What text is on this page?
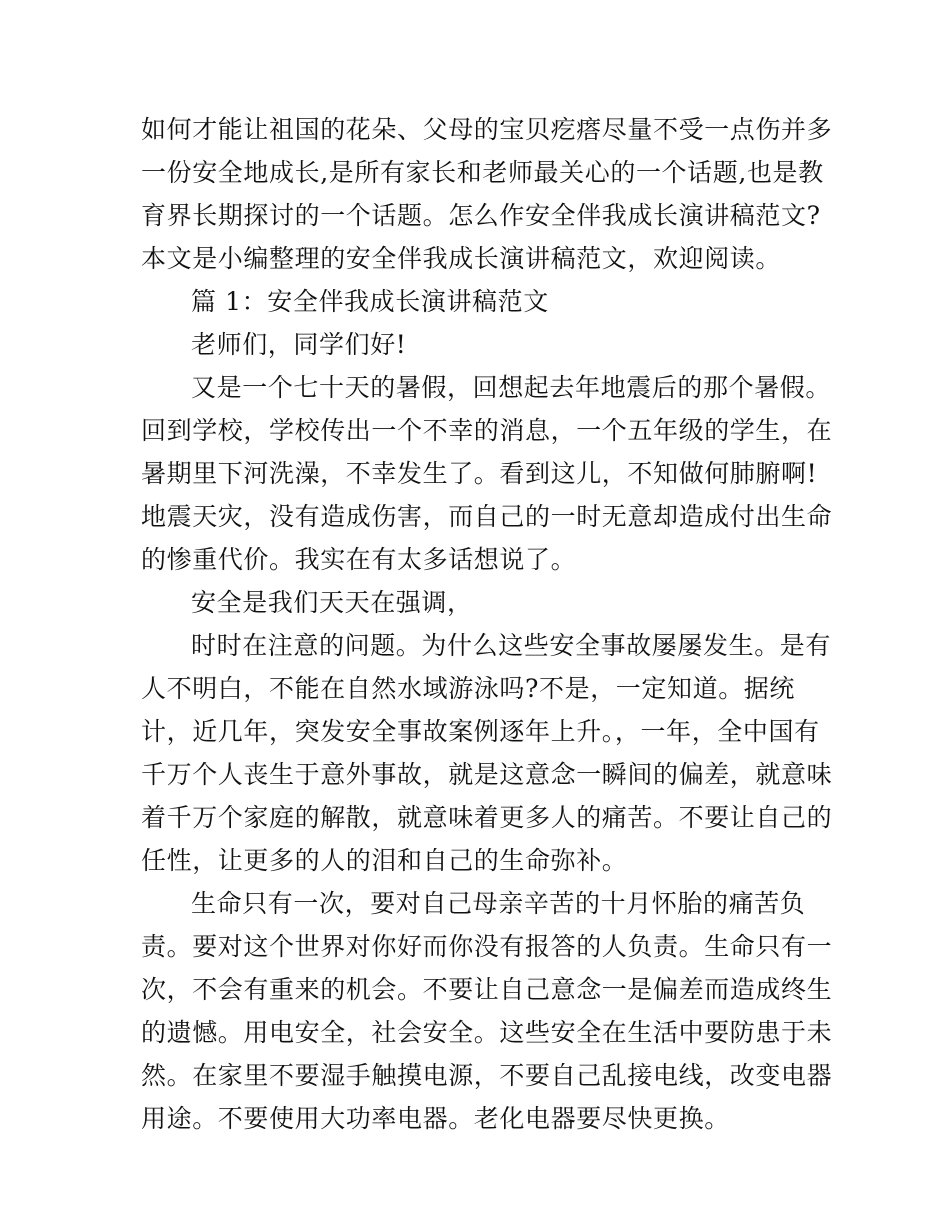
如何才能让祖国的花朵、父母的宝贝疙瘩尽量不受一点伤并多
一份安全地成长,是所有家长和老师最关心的一个话题,也是教
育界长期探讨的一个话题。怎么作安全伴我成长演讲稿范文?
本文是小编整理的安全伴我成长演讲稿范文，欢迎阅读。
篇 1：安全伴我成长演讲稿范文
老师们，同学们好!
又是一个七十天的暑假，回想起去年地震后的那个暑假。
回到学校，学校传出一个不幸的消息，一个五年级的学生，在
暑期里下河洗澡，不幸发生了。看到这儿，不知做何肺腑啊!
地震天灾，没有造成伤害，而自己的一时无意却造成付出生命
的惨重代价。我实在有太多话想说了。
安全是我们天天在强调，
时时在注意的问题。为什么这些安全事故屡屡发生。是有
人不明白，不能在自然水域游泳吗?不是，一定知道。据统
计，近几年，突发安全事故案例逐年上升。，一年，全中国有
千万个人丧生于意外事故，就是这意念一瞬间的偏差，就意味
着千万个家庭的解散，就意味着更多人的痛苦。不要让自己的
任性，让更多的人的泪和自己的生命弥补。
生命只有一次，要对自己母亲辛苦的十月怀胎的痛苦负
责。要对这个世界对你好而你没有报答的人负责。生命只有一
次，不会有重来的机会。不要让自己意念一是偏差而造成终生
的遗憾。用电安全，社会安全。这些安全在生活中要防患于未
然。在家里不要湿手触摸电源，不要自己乱接电线，改变电器
用途。不要使用大功率电器。老化电器要尽快更换。
